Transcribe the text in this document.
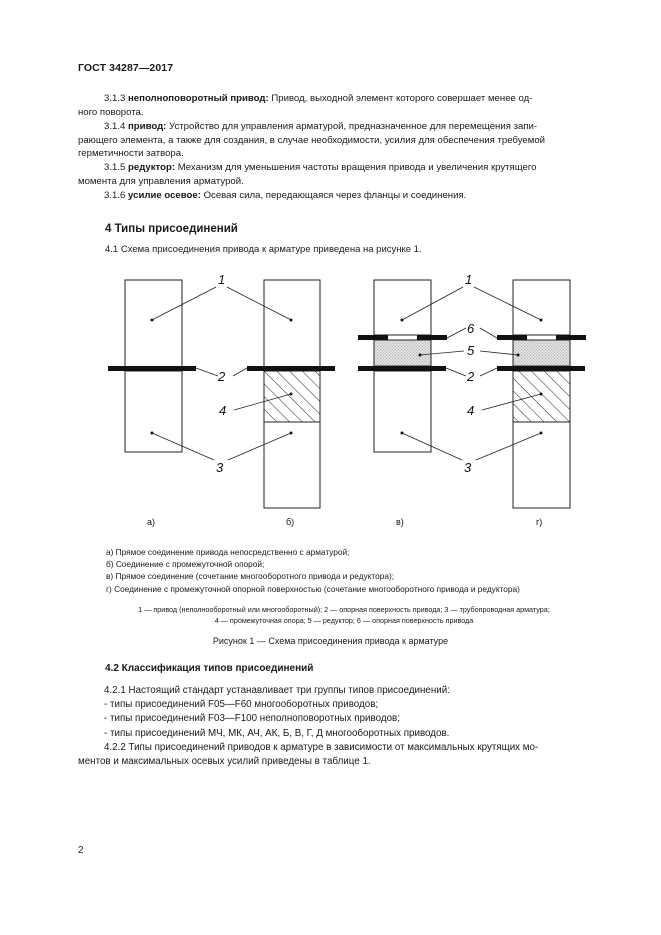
ГОСТ 34287—2017
3.1.3 неполноповоротный привод: Привод, выходной элемент которого совершает менее од-
ного поворота.
3.1.4 привод: Устройство для управления арматурой, предназначенное для перемещения запи-
рающего элемента, а также для создания, в случае необходимости, усилия для обеспечения требуемой
герметичности затвора.
3.1.5 редуктор: Механизм для уменьшения частоты вращения привода и увеличения крутящего
момента для управления арматурой.
3.1.6 усилие осевое: Осевая сила, передающаяся через фланцы и соединения.
4 Типы присоединений
4.1 Схема присоединения привода к арматуре приведена на рисунке 1.
1
2
4
3
1
6
5
2
4
3
а)	б)	в)	г)
а) Прямое соединение привода непосредственно с арматурой;
б) Соединение с промежуточной опорой;
в) Прямое соединение (сочетание многооборотного привода и редуктора);
г) Соединение с промежуточной опорной поверхностью (сочетание многооборотного привода и редуктора)
1 — привод (неполнооборотный или многооборотный); 2 — опорная поверхность привода; 3 — трубопроводная арматура;
4 — промежуточная опора; 5 — редуктор; 6 — опорная поверхность привода
Рисунок 1 — Схема присоединения привода к арматуре
4.2 Классификация типов присоединений
4.2.1 Настоящий стандарт устанавливает три группы типов присоединений:
- типы присоединений F05—F60 многооборотных приводов;
- типы присоединений F03—F100 неполноповоротных приводов;
- типы присоединений МЧ, МК, АЧ, АК, Б, В, Г, Д многооборотных приводов.
4.2.2 Типы присоединений приводов к арматуре в зависимости от максимальных крутящих мо-
ментов и максимальных осевых усилий приведены в таблице 1.
2
